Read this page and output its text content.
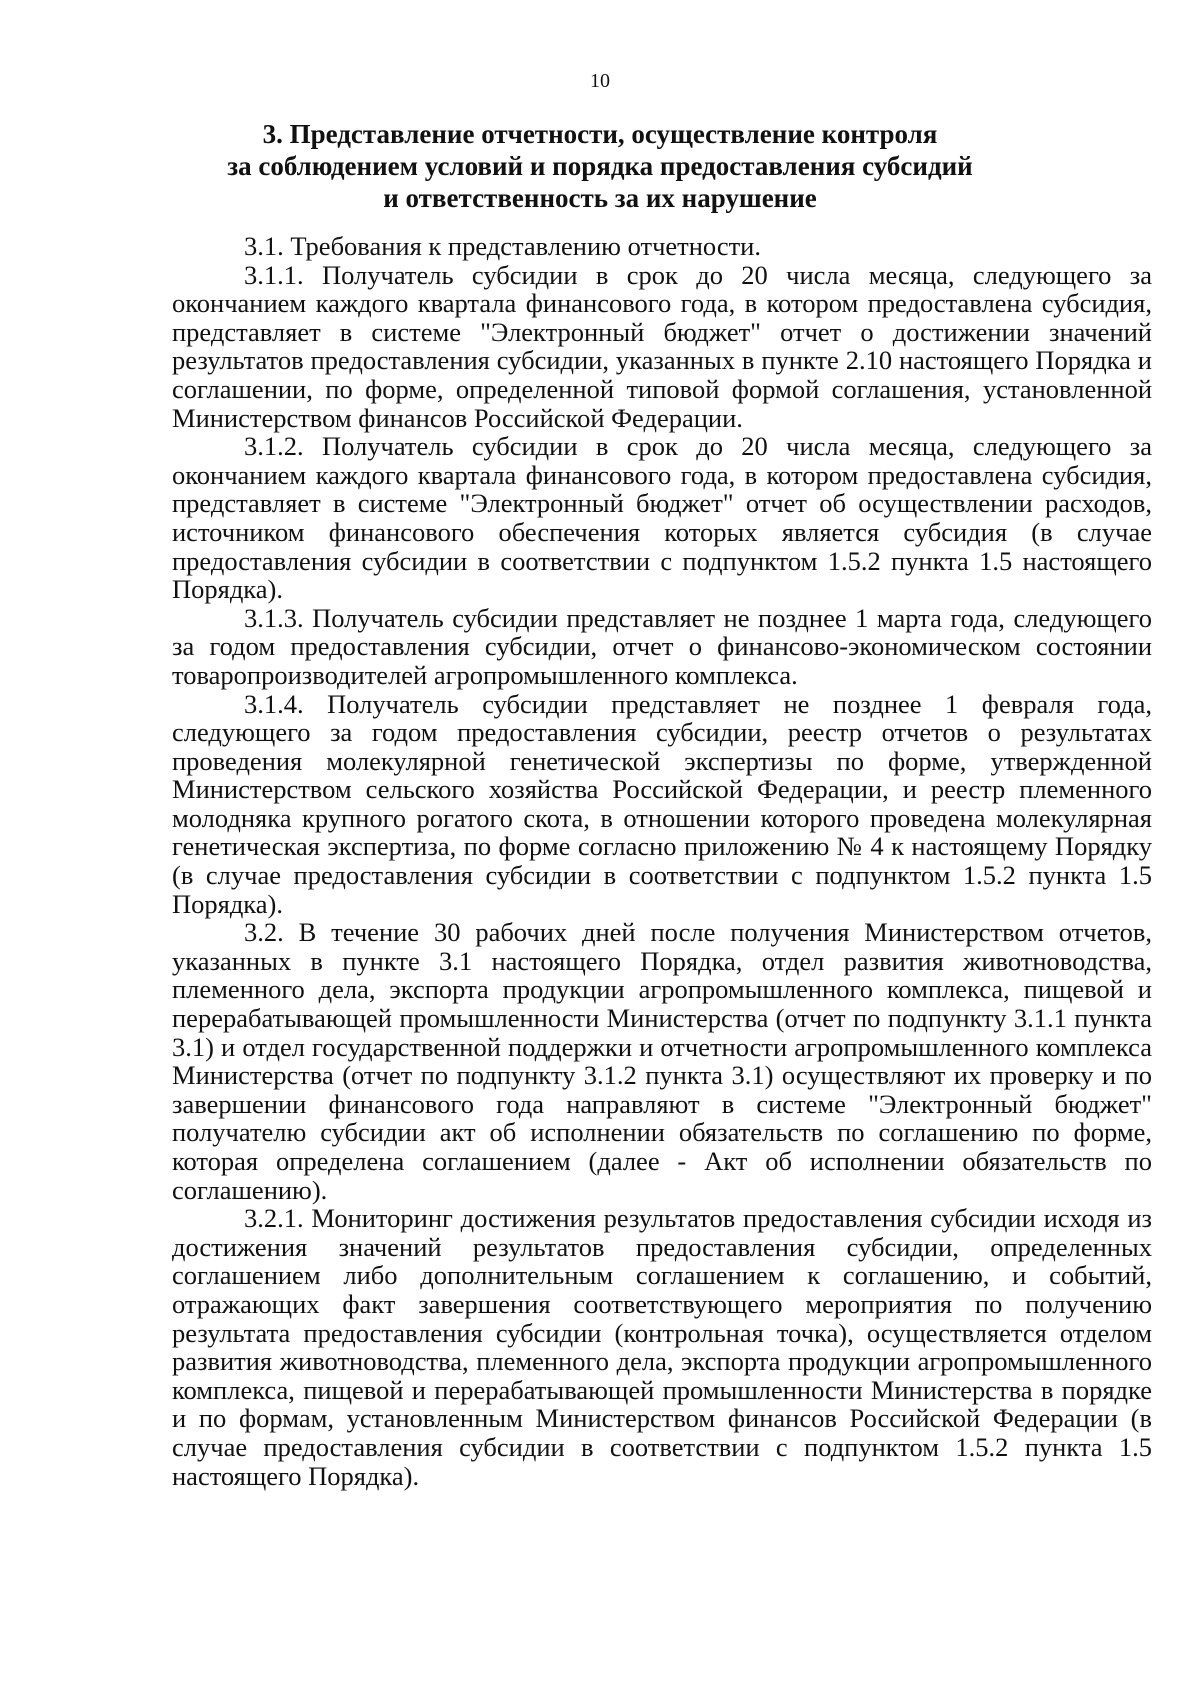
10
3. Представление отчетности, осуществление контроля
за соблюдением условий и порядка предоставления субсидий
и ответственность за их нарушение

3.1. Требования к представлению отчетности.

3.1.1. Получатель субсидии в срок до 20 числа месяца, следующего за окончанием каждого квартала финансового года, в котором предоставлена субсидия, представляет в системе "Электронный бюджет" отчет о достижении значений результатов предоставления субсидии, указанных в пункте 2.10 настоящего Порядка и соглашении, по форме, определенной типовой формой соглашения, установленной Министерством финансов Российской Федерации.

3.1.2. Получатель субсидии в срок до 20 числа месяца, следующего за окончанием каждого квартала финансового года, в котором предоставлена субсидия, представляет в системе "Электронный бюджет" отчет об осуществлении расходов, источником финансового обеспечения которых является субсидия (в случае предоставления субсидии в соответствии с подпунктом 1.5.2 пункта 1.5 настоящего Порядка).

3.1.3. Получатель субсидии представляет не позднее 1 марта года, следующего за годом предоставления субсидии, отчет о финансово-экономическом состоянии товаропроизводителей агропромышленного комплекса.

3.1.4. Получатель субсидии представляет не позднее 1 февраля года, следующего за годом предоставления субсидии, реестр отчетов о результатах проведения молекулярной генетической экспертизы по форме, утвержденной Министерством сельского хозяйства Российской Федерации, и реестр племенного молодняка крупного рогатого скота, в отношении которого проведена молекулярная генетическая экспертиза, по форме согласно приложению № 4 к настоящему Порядку (в случае предоставления субсидии в соответствии с подпунктом 1.5.2 пункта 1.5 Порядка).

3.2. В течение 30 рабочих дней после получения Министерством отчетов, указанных в пункте 3.1 настоящего Порядка, отдел развития животноводства, племенного дела, экспорта продукции агропромышленного комплекса, пищевой и перерабатывающей промышленности Министерства (отчет по подпункту 3.1.1 пункта 3.1) и отдел государственной поддержки и отчетности агропромышленного комплекса Министерства (отчет по подпункту 3.1.2 пункта 3.1) осуществляют их проверку и по завершении финансового года направляют в системе "Электронный бюджет" получателю субсидии акт об исполнении обязательств по соглашению по форме, которая определена соглашением (далее - Акт об исполнении обязательств по соглашению).

3.2.1. Мониторинг достижения результатов предоставления субсидии исходя из достижения значений результатов предоставления субсидии, определенных соглашением либо дополнительным соглашением к соглашению, и событий, отражающих факт завершения соответствующего мероприятия по получению результата предоставления субсидии (контрольная точка), осуществляется отделом развития животноводства, племенного дела, экспорта продукции агропромышленного комплекса, пищевой и перерабатывающей промышленности Министерства в порядке и по формам, установленным Министерством финансов Российской Федерации (в случае предоставления субсидии в соответствии с подпунктом 1.5.2 пункта 1.5 настоящего Порядка).
